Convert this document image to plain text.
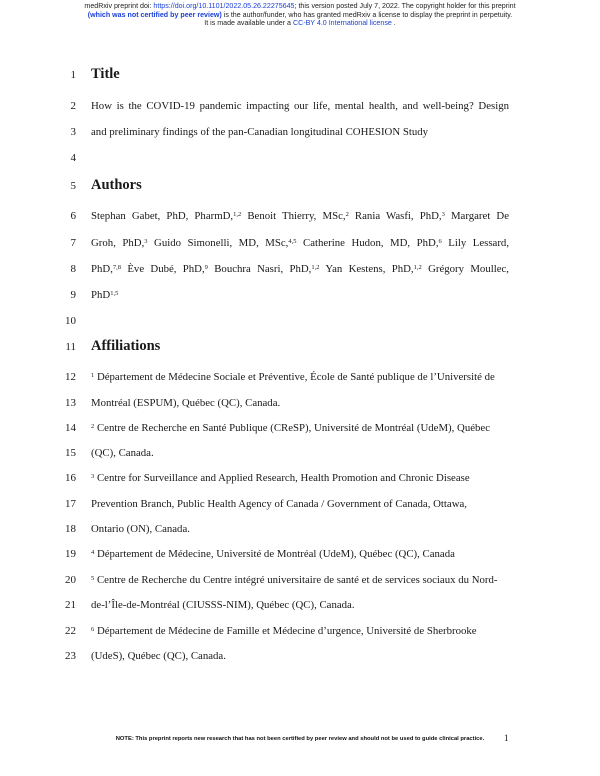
medRxiv preprint doi: https://doi.org/10.1101/2022.05.26.22275645; this version posted July 7, 2022. The copyright holder for this preprint
(which was not certified by peer review) is the author/funder, who has granted medRxiv a license to display the preprint in perpetuity.
It is made available under a CC-BY 4.0 International license .
1 Title
2 How is the COVID-19 pandemic impacting our life, mental health, and well-being? Design
3 and preliminary findings of the pan-Canadian longitudinal COHESION Study
4
5 Authors
6 Stephan Gabet, PhD, PharmD,$^{1,2}$ Benoit Thierry, MSc,$^2$ Rania Wasfi, PhD,$^3$ Margaret De
7 Groh, PhD,$^3$ Guido Simonelli, MD, MSc,$^{4,5}$ Catherine Hudon, MD, PhD,$^6$ Lily Lessard,
8 PhD,$^{7,8}$ Ève Dubé, PhD,$^9$ Bouchra Nasri, PhD,$^{1,2}$ Yan Kestens, PhD,$^{1,2}$ Grégory Moullec,
9 PhD$^{1,5}$
10
11 Affiliations
12 $^1$ Département de Médecine Sociale et Préventive, École de Santé publique de l’Université de
13 Montréal (ESPUM), Québec (QC), Canada.
14 $^2$ Centre de Recherche en Santé Publique (CReSP), Université de Montréal (UdeM), Québec
15 (QC), Canada.
16 $^3$ Centre for Surveillance and Applied Research, Health Promotion and Chronic Disease
17 Prevention Branch, Public Health Agency of Canada / Government of Canada, Ottawa,
18 Ontario (ON), Canada.
19 $^4$ Département de Médecine, Université de Montréal (UdeM), Québec (QC), Canada
20 $^5$ Centre de Recherche du Centre intégré universitaire de santé et de services sociaux du Nord-
21 de-l’Île-de-Montréal (CIUSSS-NIM), Québec (QC), Canada.
22 $^6$ Département de Médecine de Famille et Médecine d’urgence, Université de Sherbrooke
23 (UdeS), Québec (QC), Canada.
NOTE: This preprint reports new research that has not been certified by peer review and should not be used to guide clinical practice.	1
